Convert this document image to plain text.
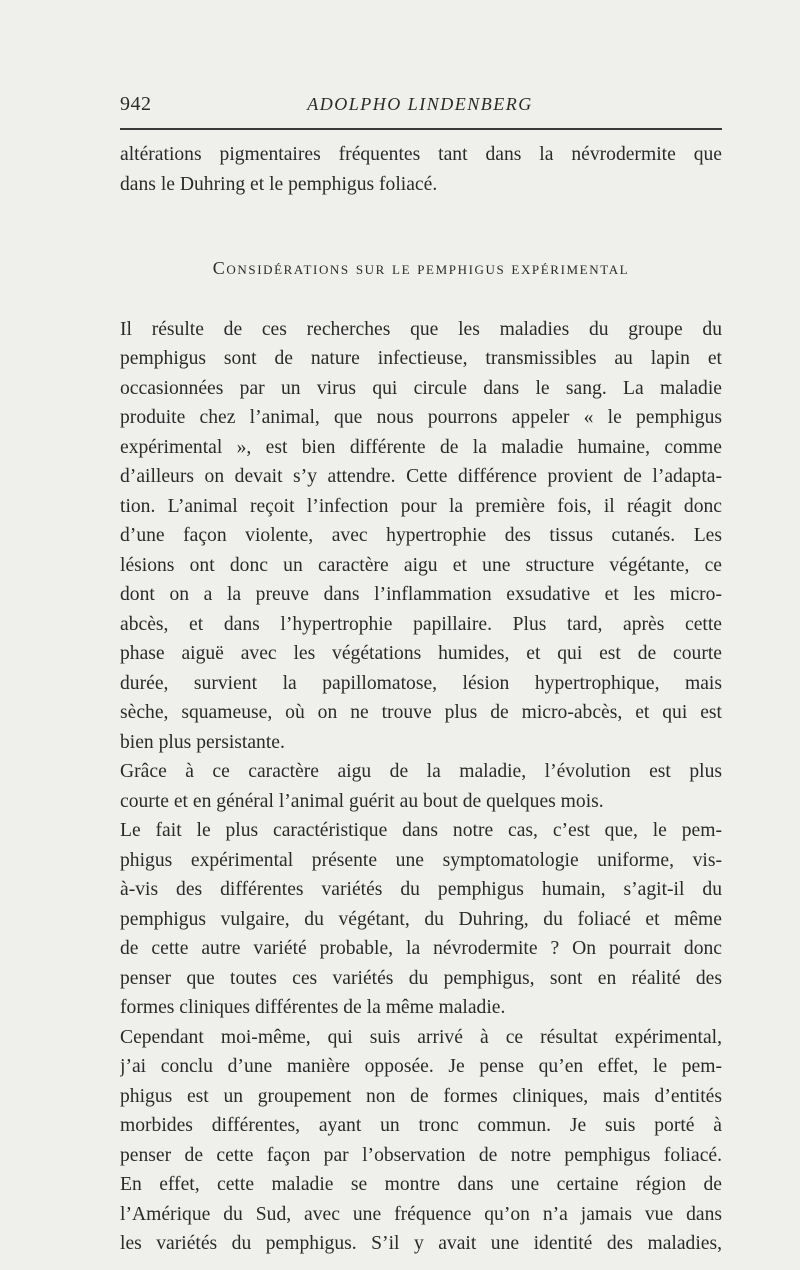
942	ADOLPHO LINDENBERG

altérations pigmentaires fréquentes tant dans la névrodermite que
dans le Duhring et le pemphigus foliacé.

Considérations sur le pemphigus expérimental

Il résulte de ces recherches que les maladies du groupe du
pemphigus sont de nature infectieuse, transmissibles au lapin et
occasionnées par un virus qui circule dans le sang. La maladie
produite chez l’animal, que nous pourrons appeler « le pemphigus
expérimental », est bien différente de la maladie humaine, comme
d’ailleurs on devait s’y attendre. Cette différence provient de l’adapta-
tion. L’animal reçoit l’infection pour la première fois, il réagit donc
d’une façon violente, avec hypertrophie des tissus cutanés. Les
lésions ont donc un caractère aigu et une structure végétante, ce
dont on a la preuve dans l’inflammation exsudative et les micro-
abcès, et dans l’hypertrophie papillaire. Plus tard, après cette
phase aiguë avec les végétations humides, et qui est de courte
durée, survient la papillomatose, lésion hypertrophique, mais
sèche, squameuse, où on ne trouve plus de micro-abcès, et qui est
bien plus persistante.

Grâce à ce caractère aigu de la maladie, l’évolution est plus
courte et en général l’animal guérit au bout de quelques mois.

Le fait le plus caractéristique dans notre cas, c’est que, le pem-
phigus expérimental présente une symptomatologie uniforme, vis-
à-vis des différentes variétés du pemphigus humain, s’agit-il du
pemphigus vulgaire, du végétant, du Duhring, du foliacé et même
de cette autre variété probable, la névrodermite ? On pourrait donc
penser que toutes ces variétés du pemphigus, sont en réalité des
formes cliniques différentes de la même maladie.

Cependant moi-même, qui suis arrivé à ce résultat expérimental,
j’ai conclu d’une manière opposée. Je pense qu’en effet, le pem-
phigus est un groupement non de formes cliniques, mais d’entités
morbides différentes, ayant un tronc commun. Je suis porté à
penser de cette façon par l’observation de notre pemphigus foliacé.
En effet, cette maladie se montre dans une certaine région de
l’Amérique du Sud, avec une fréquence qu’on n’a jamais vue dans
les variétés du pemphigus. S’il y avait une identité des maladies,
